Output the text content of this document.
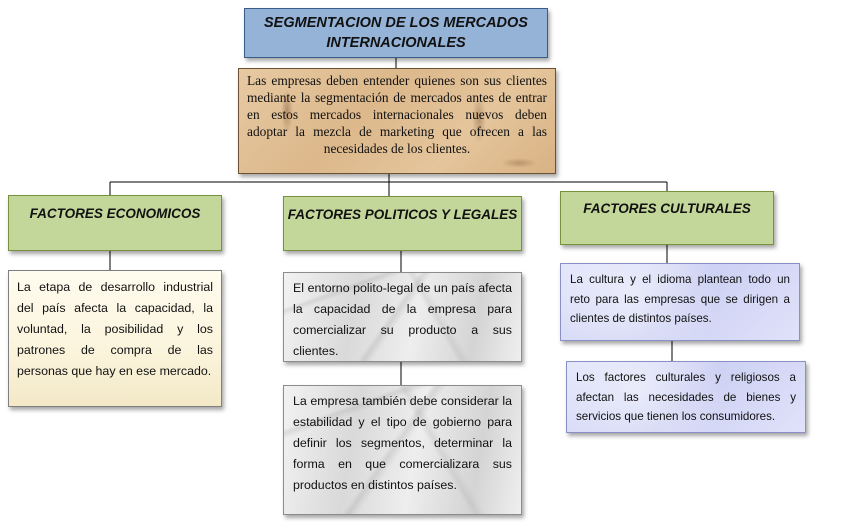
SEGMENTACION DE LOS MERCADOS INTERNACIONALES
Las empresas deben entender quienes son sus clientes mediante la segmentación de mercados antes de entrar en estos mercados internacionales nuevos deben adoptar la mezcla de marketing que ofrecen a las necesidades de los clientes.
FACTORES ECONOMICOS	FACTORES POLITICOS Y LEGALES	FACTORES CULTURALES
La etapa de desarrollo industrial del país afecta la capacidad, la voluntad, la posibilidad y los patrones de compra de las personas que hay en ese mercado.
El entorno polito-legal de un país afecta la capacidad de la empresa para comercializar su producto a sus clientes.
La empresa también debe considerar la estabilidad y el tipo de gobierno para definir los segmentos, determinar la forma en que comercializara sus productos en distintos países.
La cultura y el idioma plantean todo un reto para las empresas que se dirigen a clientes de distintos países.
Los factores culturales y religiosos a afectan las necesidades de bienes y servicios que tienen los consumidores.
